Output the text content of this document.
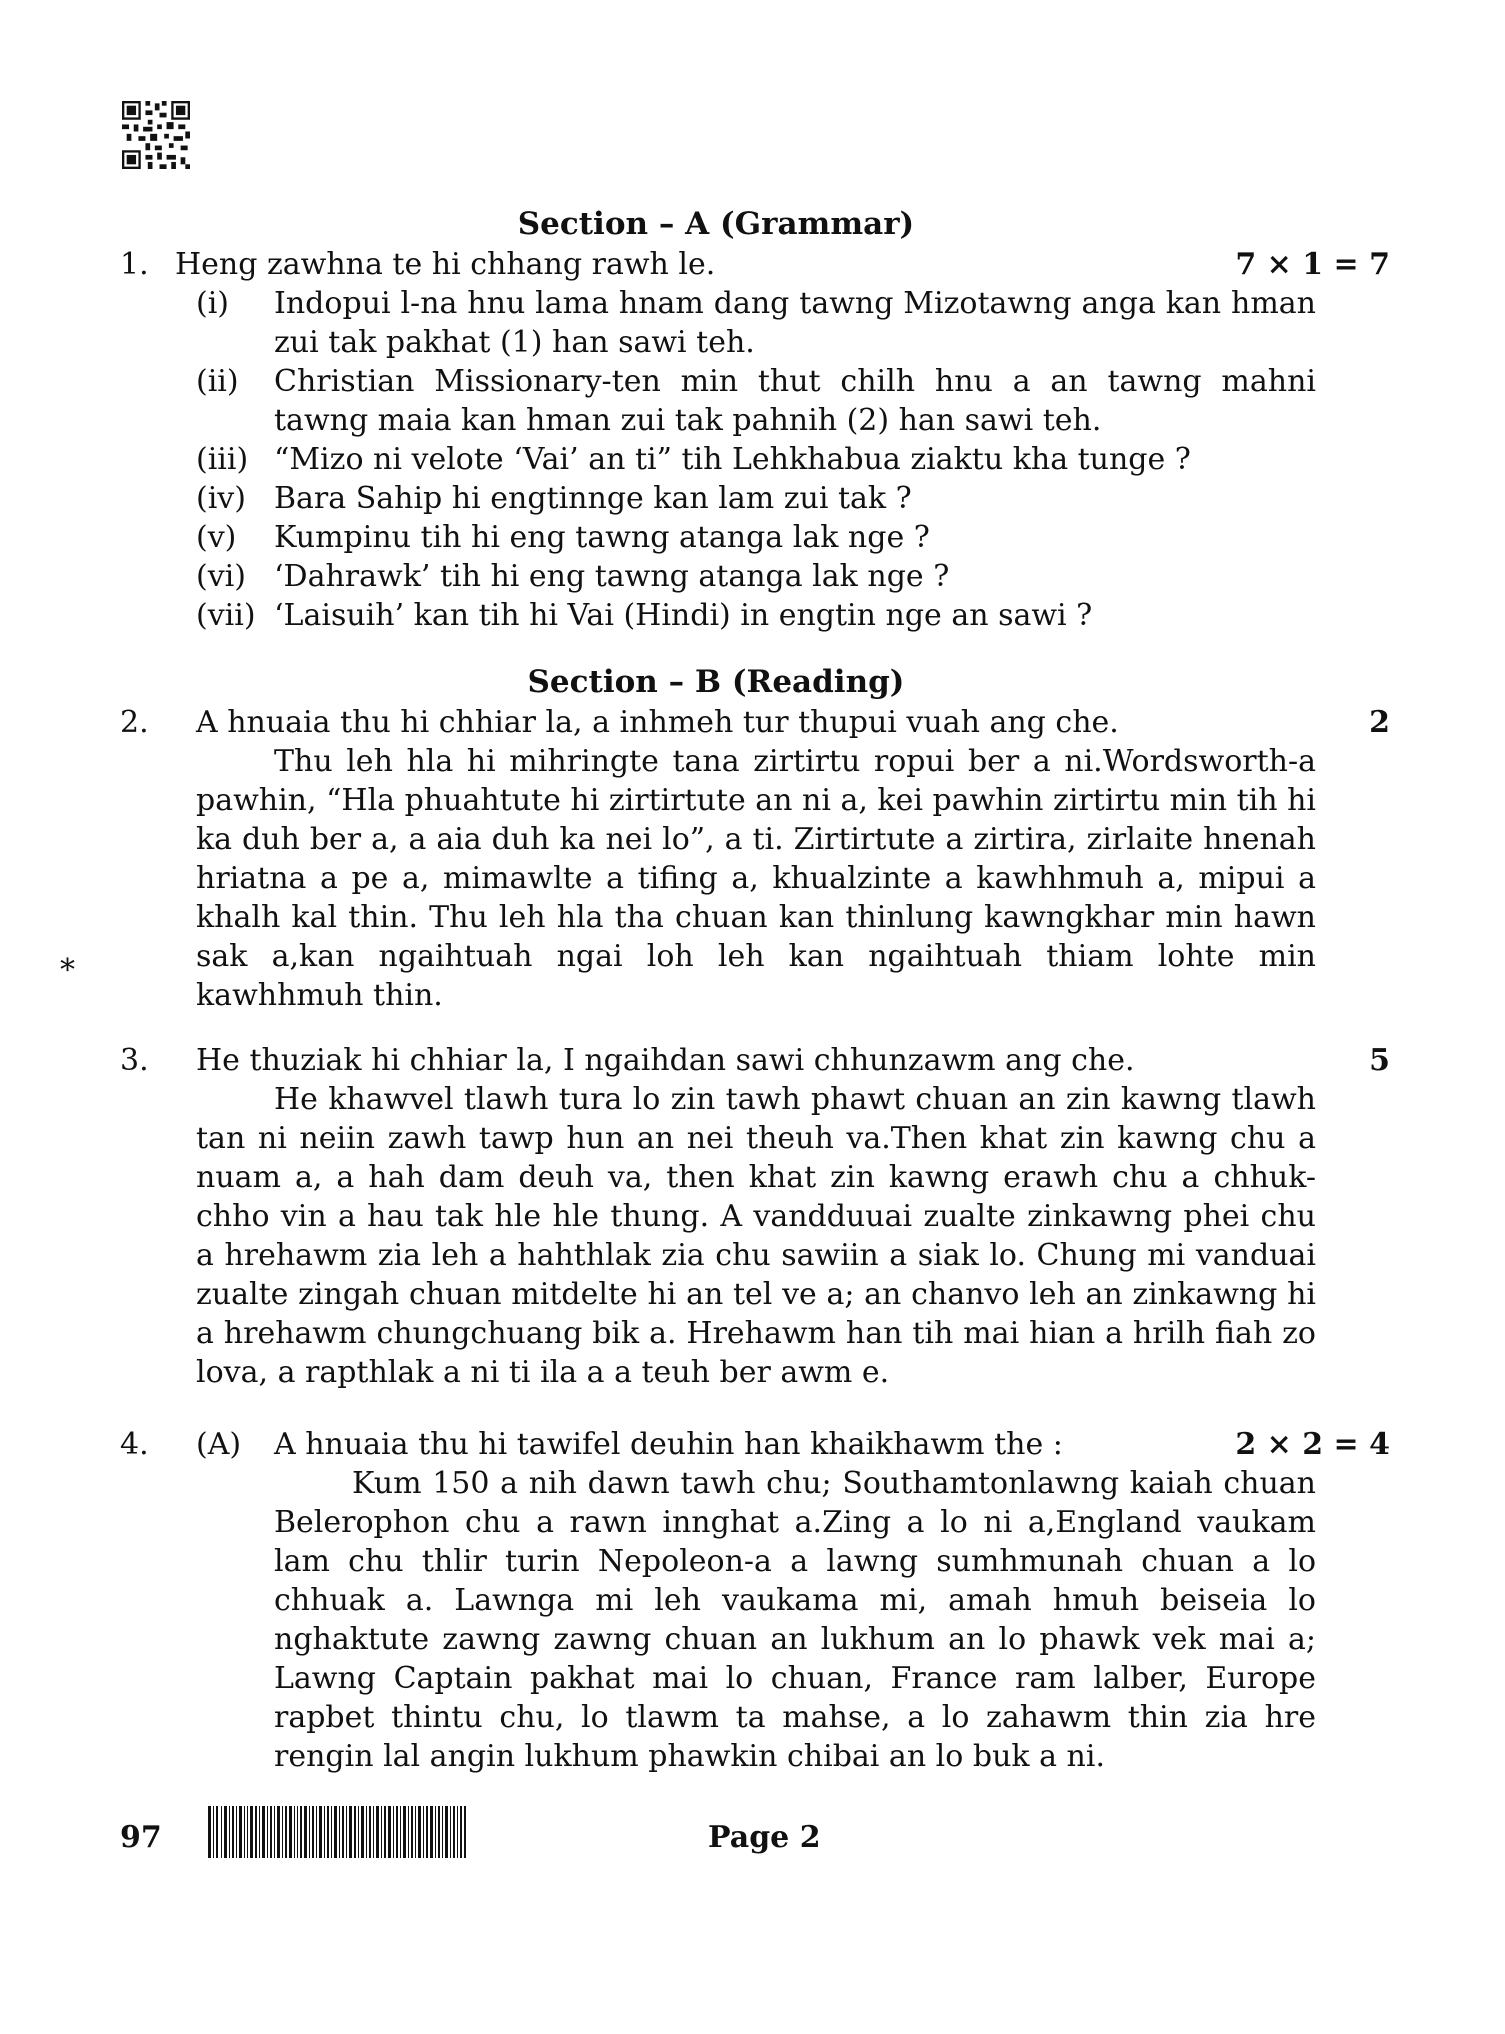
Section – A (Grammar)
1. Heng zawhna te hi chhang rawh le.	7 × 1 = 7
(i) Indopui l-na hnu lama hnam dang tawng Mizotawng anga kan hman zui tak pakhat (1) han sawi teh.
(ii) Christian Missionary-ten min thut chilh hnu a an tawng mahni tawng maia kan hman zui tak pahnih (2) han sawi teh.
(iii) “Mizo ni velote ‘Vai’ an ti” tih Lehkhabua ziaktu kha tunge ?
(iv) Bara Sahip hi engtinnge kan lam zui tak ?
(v) Kumpinu tih hi eng tawng atanga lak nge ?
(vi) ‘Dahrawk’ tih hi eng tawng atanga lak nge ?
(vii) ‘Laisuih’ kan tih hi Vai (Hindi) in engtin nge an sawi ?
Section – B (Reading)
2. A hnuaia thu hi chhiar la, a inhmeh tur thupui vuah ang che.	2
Thu leh hla hi mihringte tana zirtirtu ropui ber a ni.Wordsworth-a pawhin, “Hla phuahtute hi zirtirtute an ni a, kei pawhin zirtirtu min tih hi ka duh ber a, a aia duh ka nei lo”, a ti. Zirtirtute a zirtira, zirlaite hnenah hriatna a pe a, mimawlte a tifing a, khualzinte a kawhhmuh a, mipui a khalh kal thin. Thu leh hla tha chuan kan thinlung kawngkhar min hawn sak a,kan ngaihtuah ngai loh leh kan ngaihtuah thiam lohte min kawhhmuh thin.
*
3. He thuziak hi chhiar la, I ngaihdan sawi chhunzawm ang che.	5
He khawvel tlawh tura lo zin tawh phawt chuan an zin kawng tlawh tan ni neiin zawh tawp hun an nei theuh va.Then khat zin kawng chu a nuam a, a hah dam deuh va, then khat zin kawng erawh chu a chhuk-chho vin a hau tak hle hle thung. A vandduuai zualte zinkawng phei chu a hrehawm zia leh a hahthlak zia chu sawiin a siak lo. Chung mi vanduai zualte zingah chuan mitdelte hi an tel ve a; an chanvo leh an zinkawng hi a hrehawm chungchuang bik a. Hrehawm han tih mai hian a hrilh fiah zo lova, a rapthlak a ni ti ila a a teuh ber awm e.
4. (A)	A hnuaia thu hi tawifel deuhin han khaikhawm the :	2 × 2 = 4
Kum 150 a nih dawn tawh chu; Southamtonlawng kaiah chuan Belerophon chu a rawn innghat a.Zing a lo ni a,England vaukam lam chu thlir turin Nepoleon-a a lawng sumhmunah chuan a lo chhuak a. Lawnga mi leh vaukama mi, amah hmuh beiseia lo nghaktute zawng zawng chuan an lukhum an lo phawk vek mai a; Lawng Captain pakhat mai lo chuan, France ram lalber, Europe rapbet thintu chu, lo tlawm ta mahse, a lo zahawm thin zia hre rengin lal angin lukhum phawkin chibai an lo buk a ni.
97	Page 2
